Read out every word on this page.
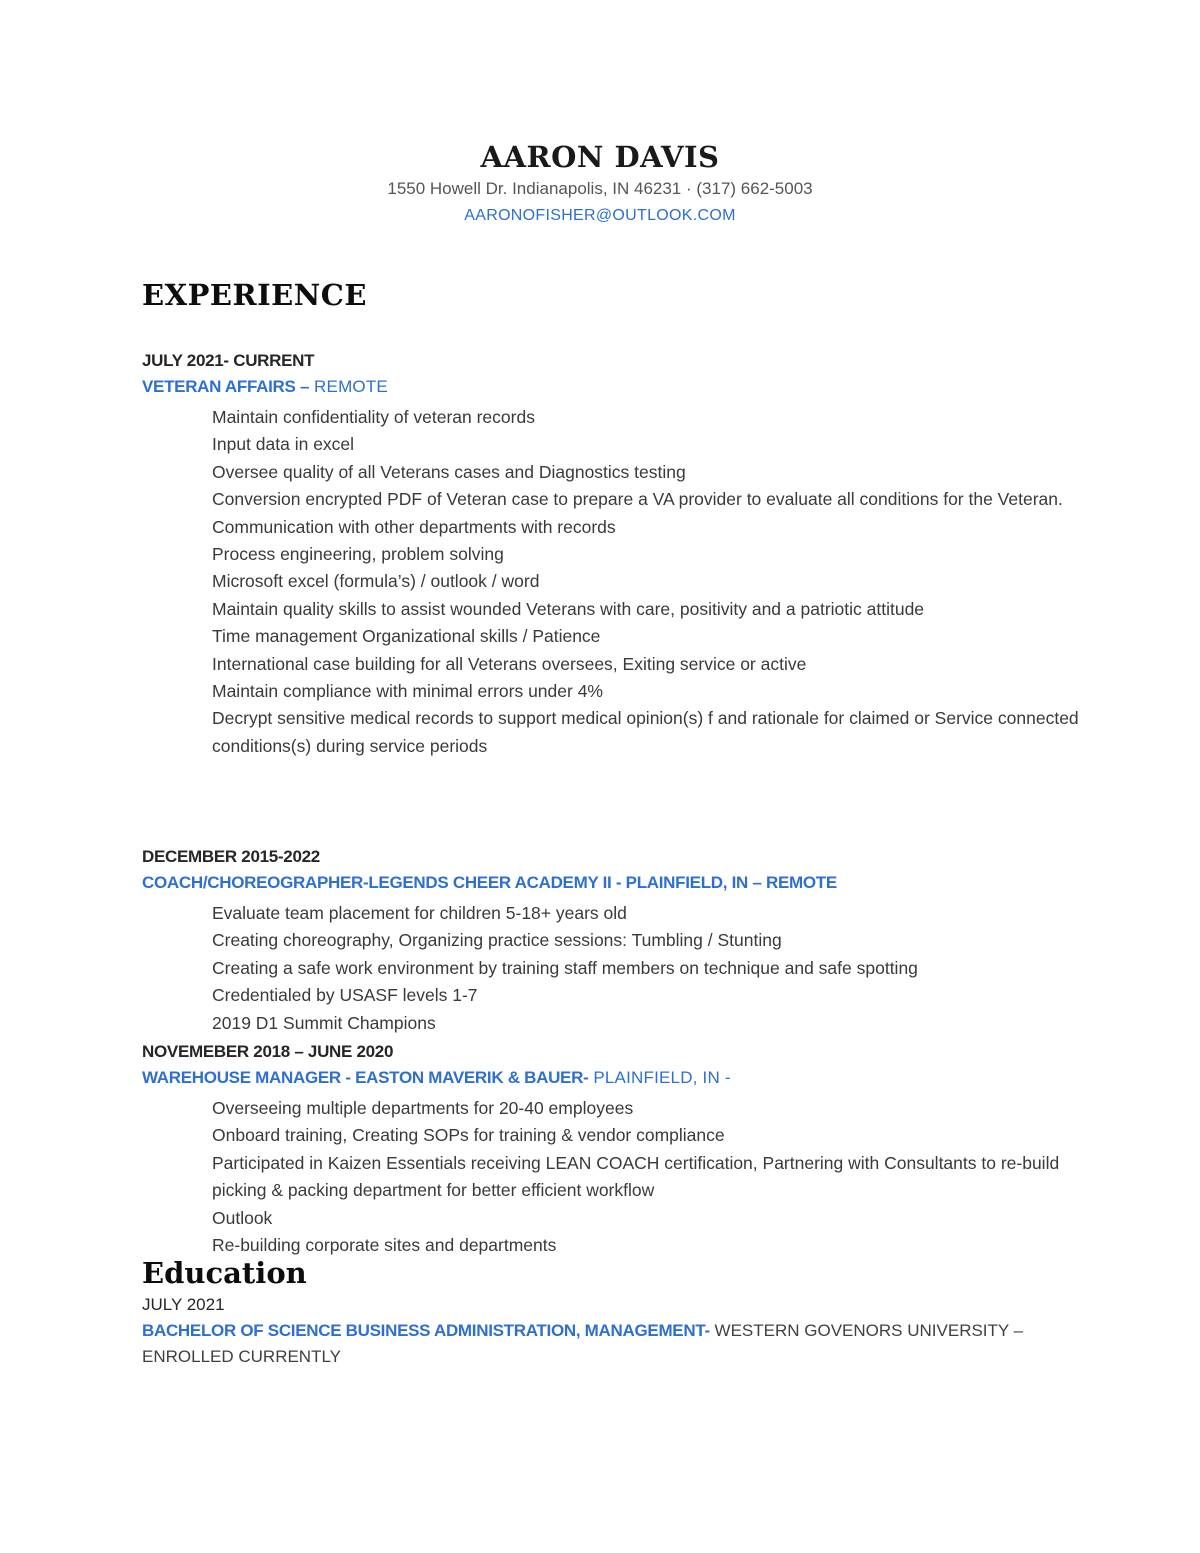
AARON DAVIS
1550 Howell Dr. Indianapolis, IN 46231 · (317) 662-5003
AARONOFISHER@OUTLOOK.COM
EXPERIENCE
JULY 2021- CURRENT
VETERAN AFFAIRS – REMOTE
Maintain confidentiality of veteran records
Input data in excel
Oversee quality of all Veterans cases and Diagnostics testing
Conversion encrypted PDF of Veteran case to prepare a VA provider to evaluate all conditions for the Veteran.
Communication with other departments with records
Process engineering, problem solving
Microsoft excel (formula’s) / outlook / word
Maintain quality skills to assist wounded Veterans with care, positivity and a patriotic attitude
Time management Organizational skills / Patience
International case building for all Veterans oversees, Exiting service or active
Maintain compliance with minimal errors under 4%
Decrypt sensitive medical records to support medical opinion(s) f and rationale for claimed or Service connected conditions(s) during service periods
DECEMBER 2015-2022
COACH/CHOREOGRAPHER-LEGENDS CHEER ACADEMY II - PLAINFIELD, IN – REMOTE
Evaluate team placement for children 5-18+ years old
Creating choreography, Organizing practice sessions: Tumbling / Stunting
Creating a safe work environment by training staff members on technique and safe spotting
Credentialed by USASF levels 1-7
2019 D1 Summit Champions
NOVEMEBER 2018 – JUNE 2020
WAREHOUSE MANAGER - EASTON MAVERIK & BAUER- PLAINFIELD, IN -
Overseeing multiple departments for 20-40 employees
Onboard training, Creating SOPs for training & vendor compliance
Participated in Kaizen Essentials receiving LEAN COACH certification, Partnering with Consultants to re-build picking & packing department for better efficient workflow
Outlook
Re-building corporate sites and departments
Education
JULY 2021
BACHELOR OF SCIENCE BUSINESS ADMINISTRATION, MANAGEMENT- WESTERN GOVENORS UNIVERSITY – ENROLLED CURRENTLY
